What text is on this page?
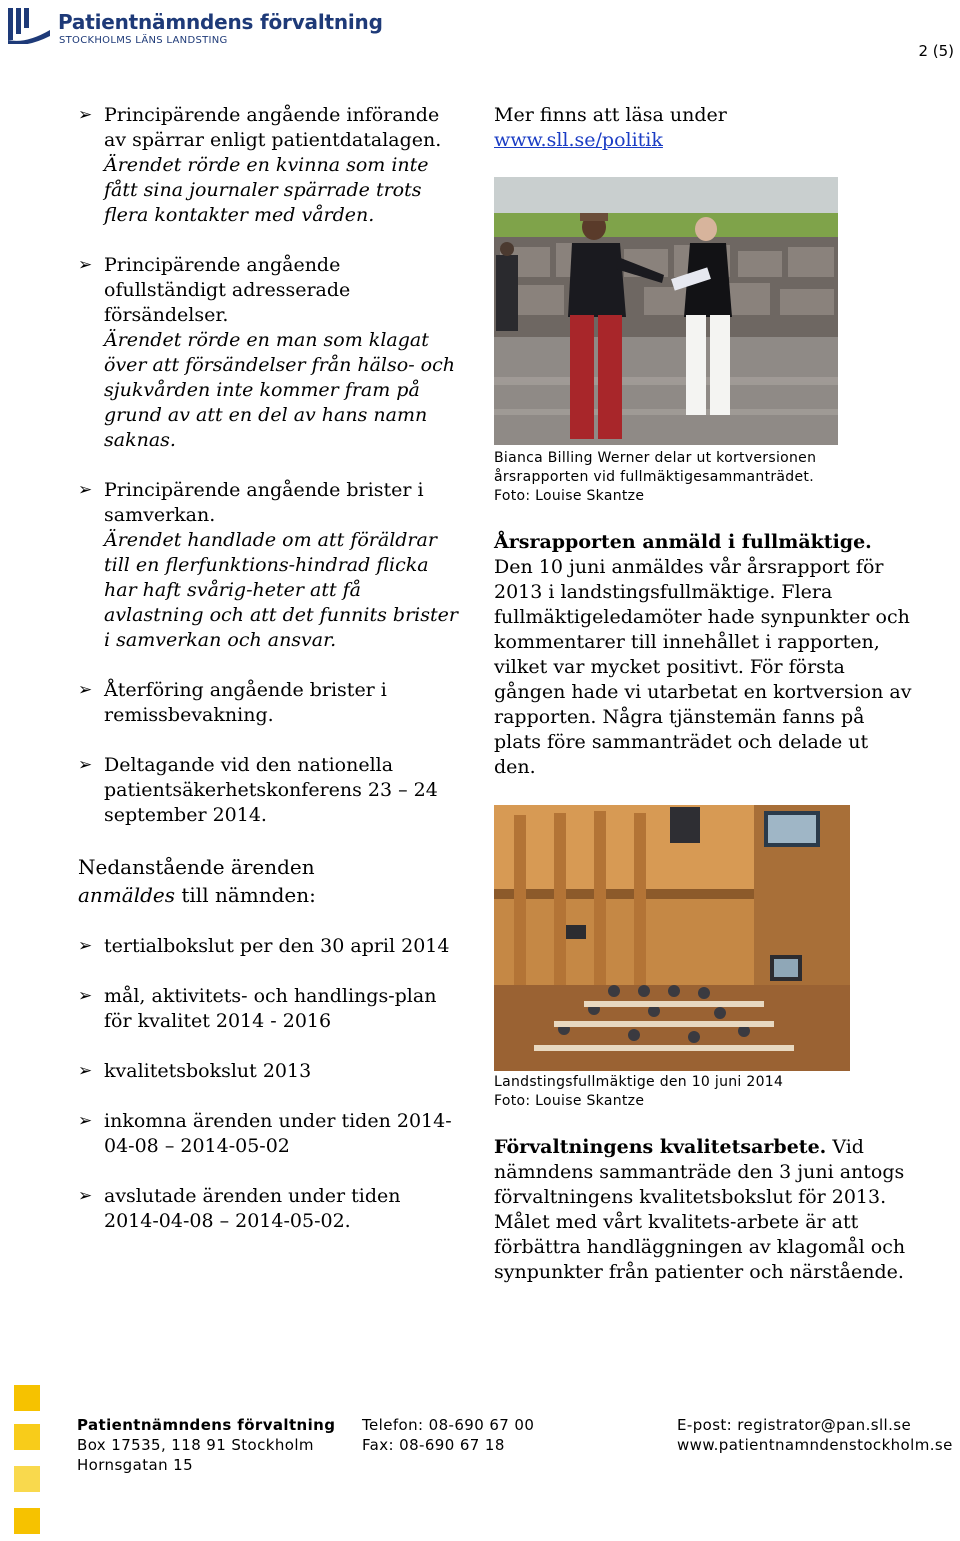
Patientnämndens förvaltning
STOCKHOLMS LÄNS LANDSTING
2 (5)
➢ Principärende angående införande av spärrar enligt patientdatalagen.
Ärendet rörde en kvinna som inte fått sina journaler spärrade trots flera kontakter med vården.
➢ Principärende angående ofullständigt adresserade försändelser.
Ärendet rörde en man som klagat över att försändelser från hälso- och sjukvården inte kommer fram på grund av att en del av hans namn saknas.
➢ Principärende angående brister i samverkan.
Ärendet handlade om att föräldrar till en flerfunktions-hindrad flicka har haft svårig-heter att få avlastning och att det funnits brister i samverkan och ansvar.
➢ Återföring angående brister i remissbevakning.
➢ Deltagande vid den nationella patientsäkerhetskonferens 23 – 24 september 2014.
Nedanstående ärenden
anmäldes till nämnden:
➢ tertialbokslut per den 30 april 2014
➢ mål, aktivitets- och handlings-plan för kvalitet 2014 - 2016
➢ kvalitetsbokslut 2013
➢ inkomna ärenden under tiden 2014-04-08 – 2014-05-02
➢ avslutade ärenden under tiden 2014-04-08 – 2014-05-02.
Mer finns att läsa under
www.sll.se/politik
Bianca Billing Werner delar ut kortversionen årsrapporten vid fullmäktigesammanträdet.
Foto: Louise Skantze
Årsrapporten anmäld i fullmäktige.
Den 10 juni anmäldes vår årsrapport för 2013 i landstingsfullmäktige. Flera fullmäktigeledamöter hade synpunkter och kommentarer till innehållet i rapporten, vilket var mycket positivt. För första gången hade vi utarbetat en kortversion av rapporten. Några tjänstemän fanns på plats före sammanträdet och delade ut den.
Landstingsfullmäktige den 10 juni 2014
Foto: Louise Skantze
Förvaltningens kvalitetsarbete. Vid nämndens sammanträde den 3 juni antogs förvaltningens kvalitetsbokslut för 2013. Målet med vårt kvalitets-arbete är att förbättra handläggningen av klagomål och synpunkter från patienter och närstående.
Patientnämndens förvaltning
Box 17535, 118 91 Stockholm
Hornsgatan 15
Telefon: 08-690 67 00
Fax: 08-690 67 18
E-post: registrator@pan.sll.se
www.patientnamndenstockholm.se
